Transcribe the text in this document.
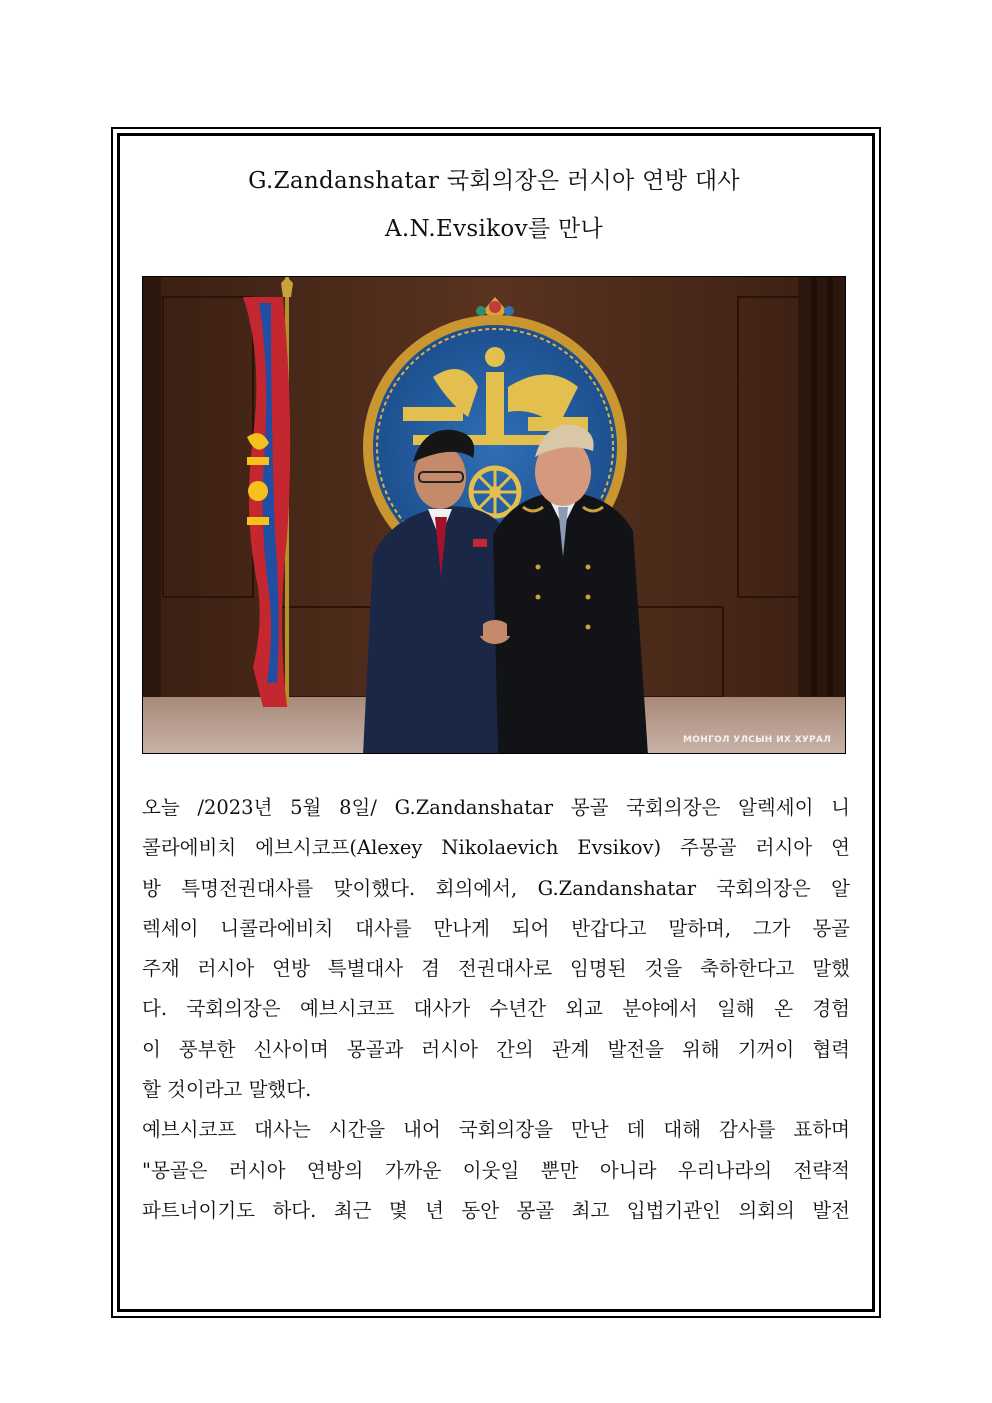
G.Zandanshatar 국회의장은 러시아 연방 대사
A.N.Evsikov를 만나
МОНГОЛ УЛСЫН ИХ ХУРАЛ
오늘 /2023년 5월 8일/ G.Zandanshatar 몽골 국회의장은 알렉세이 니
콜라에비치 에브시코프(Alexey Nikolaevich Evsikov) 주몽골 러시아 연
방 특명전권대사를 맞이했다. 회의에서, G.Zandanshatar 국회의장은 알
렉세이 니콜라에비치 대사를 만나게 되어 반갑다고 말하며, 그가 몽골
주재 러시아 연방 특별대사 겸 전권대사로 임명된 것을 축하한다고 말했
다. 국회의장은 예브시코프 대사가 수년간 외교 분야에서 일해 온 경험
이 풍부한 신사이며 몽골과 러시아 간의 관계 발전을 위해 기꺼이 협력
할 것이라고 말했다.
예브시코프 대사는 시간을 내어 국회의장을 만난 데 대해 감사를 표하며
"몽골은 러시아 연방의 가까운 이웃일 뿐만 아니라 우리나라의 전략적
파트너이기도 하다. 최근 몇 년 동안 몽골 최고 입법기관인 의회의 발전
